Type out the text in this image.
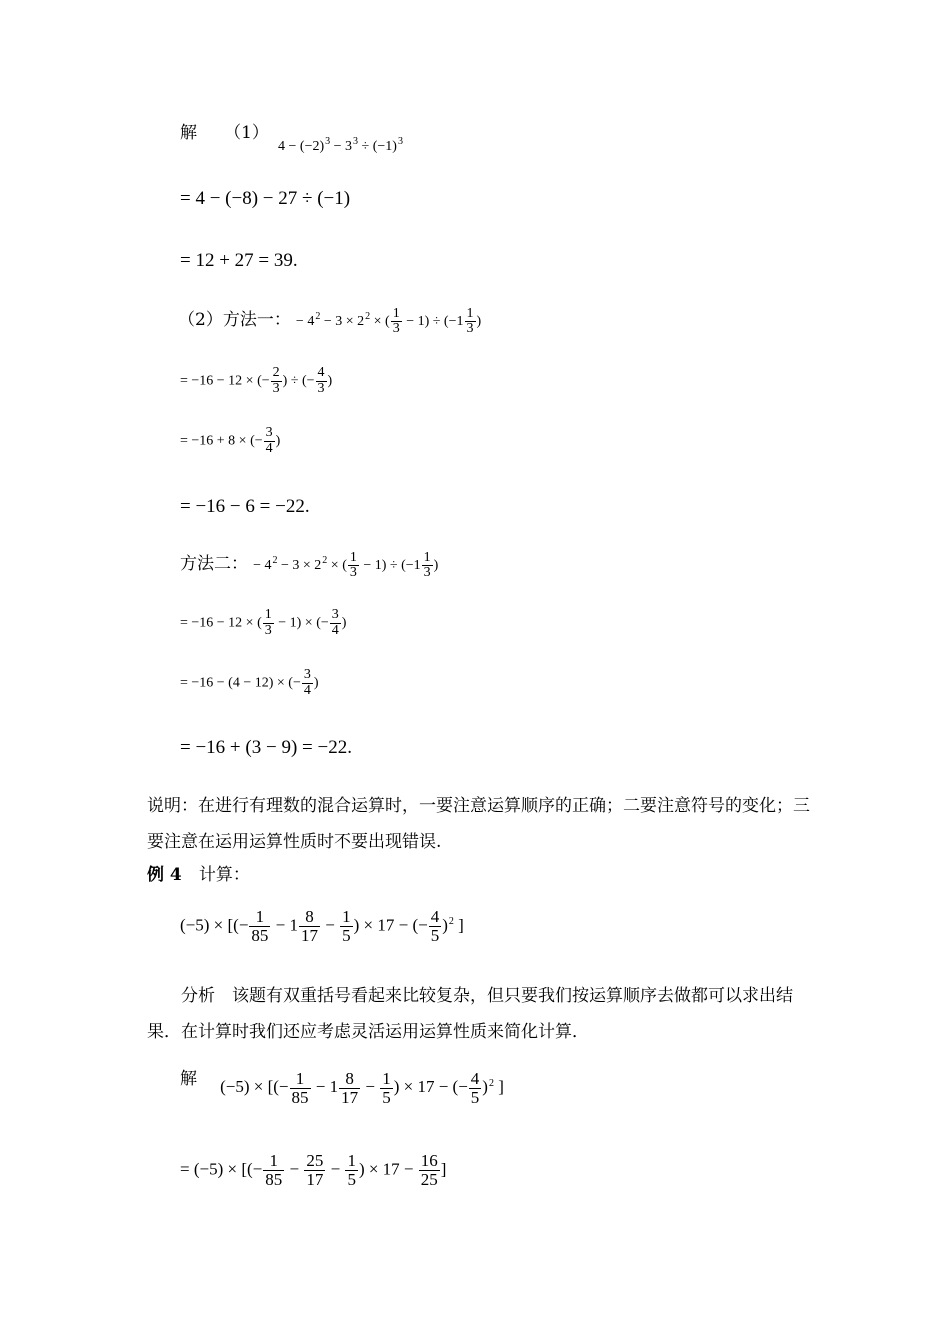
解 （1） $4 - (-2)^3 - 3^3 \div (-1)^3$
= 4 − (−8) − 27 ÷ (−1)
= 12 + 27 = 39.
（2）方法一： − $4^2 - 3 \times 2^2$ × ( $\frac{1}{3} - 1) \div (-1 \frac{1}{3}$ )
= −16 − 12 × (− $\frac{2}{3}$ ) ÷ (− $\frac{4}{3}$ )
= −16 + 8 × (− $\frac{3}{4}$ )
= −16 − 6 = −22.
方法二： − $4^2 - 3 \times 2^2$ × ( $\frac{1}{3} - 1) \div (-1 \frac{1}{3}$ )
= −16 − 12 × ( $\frac{1}{3} - 1$) × (− $\frac{3}{4}$ )
= −16 − (4 − 12) × (− $\frac{3}{4}$ )
= −16 + (3 − 9) = −22.
说明：在进行有理数的混合运算时，一要注意运算顺序的正确；二要注意符号的变化；三要注意在运用运算性质时不要出现错误.
例 4 计算：
(−5) × [(− $\frac{1}{85} - 1 \frac{8}{17} - \frac{1}{5}$ ) × 17 − (− $\frac{4}{5} )^2$ ]
分析　该题有双重括号看起来比较复杂，但只要我们按运算顺序去做都可以求出结果．在计算时我们还应考虑灵活运用运算性质来简化计算．
解 (−5) × [(− $\frac{1}{85} - 1 \frac{8}{17} - \frac{1}{5}$ ) × 17 − (− $\frac{4}{5} )^2$ ]
= (−5) × [(− $\frac{1}{85} - \frac{25}{17} - \frac{1}{5}$ ) × $17 - \frac{16}{25}$ ]
